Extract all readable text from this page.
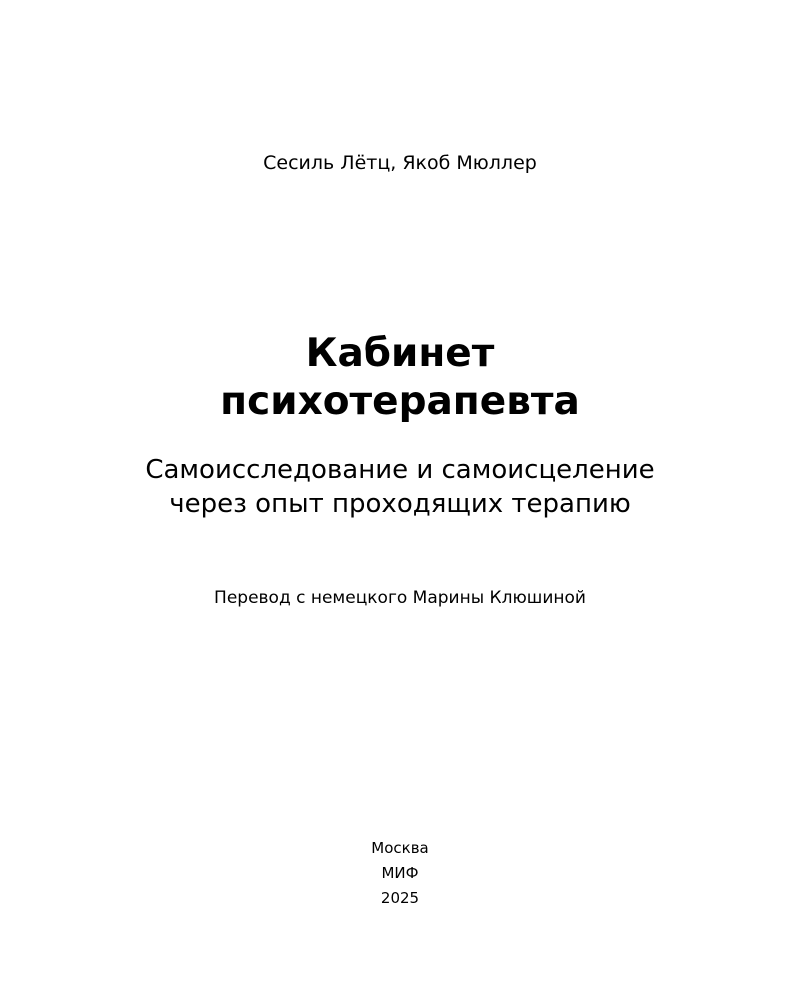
Сесиль Лётц, Якоб Мюллер
Кабинет
психотерапевта
Самоисследование и самоисцеление
через опыт проходящих терапию
Перевод с немецкого Марины Клюшиной
Москва
МИФ
2025
